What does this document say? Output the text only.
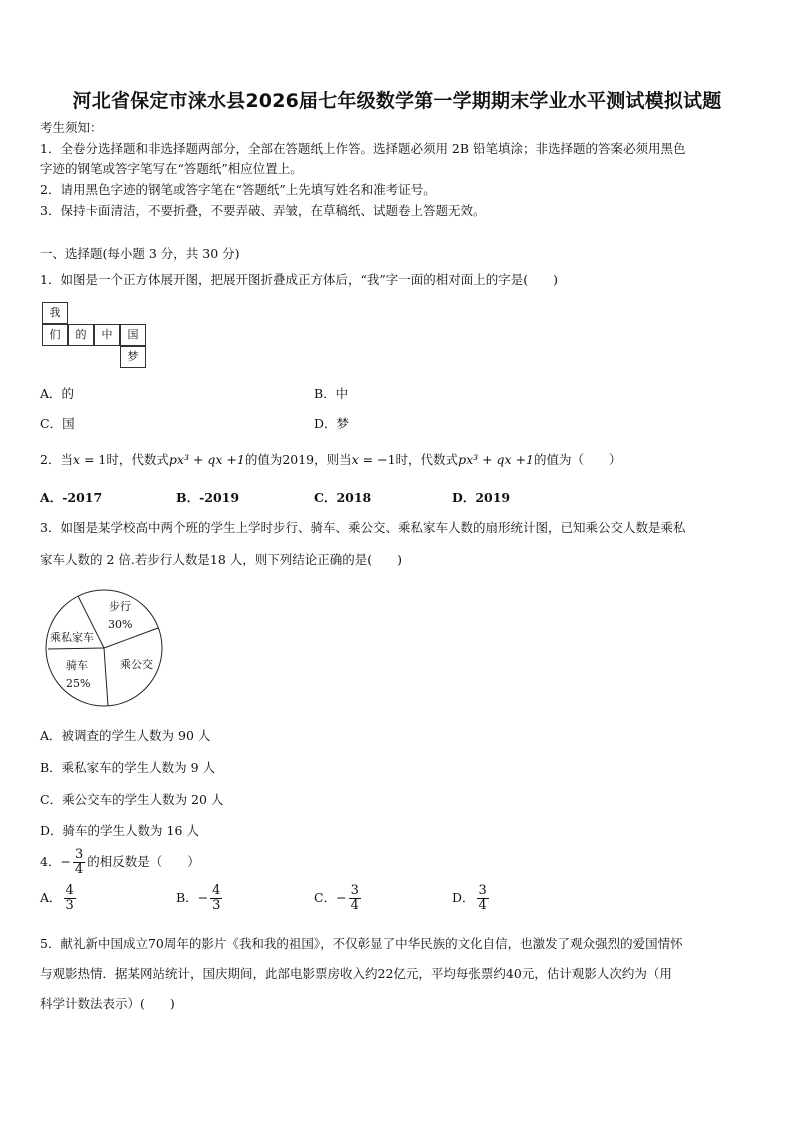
河北省保定市涞水县2026届七年级数学第一学期期末学业水平测试模拟试题
考生须知：
1．全卷分选择题和非选择题两部分，全部在答题纸上作答。选择题必须用 2B 铅笔填涂；非选择题的答案必须用黑色
字迹的钢笔或答字笔写在“答题纸”相应位置上。
2．请用黑色字迹的钢笔或答字笔在“答题纸”上先填写姓名和准考证号。
3．保持卡面清洁，不要折叠，不要弄破、弄皱，在草稿纸、试题卷上答题无效。
一、选择题(每小题 3 分，共 30 分)
1．如图是一个正方体展开图，把展开图折叠成正方体后，“我”字一面的相对面上的字是(　　)
我
们	的	中	国
梦
A．的	B．中
C．国	D．梦
2．当x = 1时，代数式px³ + qx +1的值为2019，则当x = −1时，代数式px³ + qx +1的值为（　　）
A．-2017	B．-2019	C．2018	D．2019
3．如图是某学校高中两个班的学生上学时步行、骑车、乘公交、乘私家车人数的扇形统计图，已知乘公交人数是乘私
家车人数的 2 倍.若步行人数是18 人，则下列结论正确的是(　　)
步行
30%
乘私家车
骑车
25%
乘公交
A．被调查的学生人数为 90 人
B．乘私家车的学生人数为 9 人
C．乘公交车的学生人数为 20 人
D．骑车的学生人数为 16 人
4．− $\frac{3}{4}$ 的相反数是（　　）
A． $\frac{4}{3}$	B．− $\frac{4}{3}$	C．− $\frac{3}{4}$	D． $\frac{3}{4}$
5．献礼新中国成立70周年的影片《我和我的祖国》，不仅彰显了中华民族的文化自信，也激发了观众强烈的爱国情怀
与观影热情．据某网站统计，国庆期间，此部电影票房收入约22亿元，平均每张票约40元，估计观影人次约为（用
科学计数法表示）(　　)
